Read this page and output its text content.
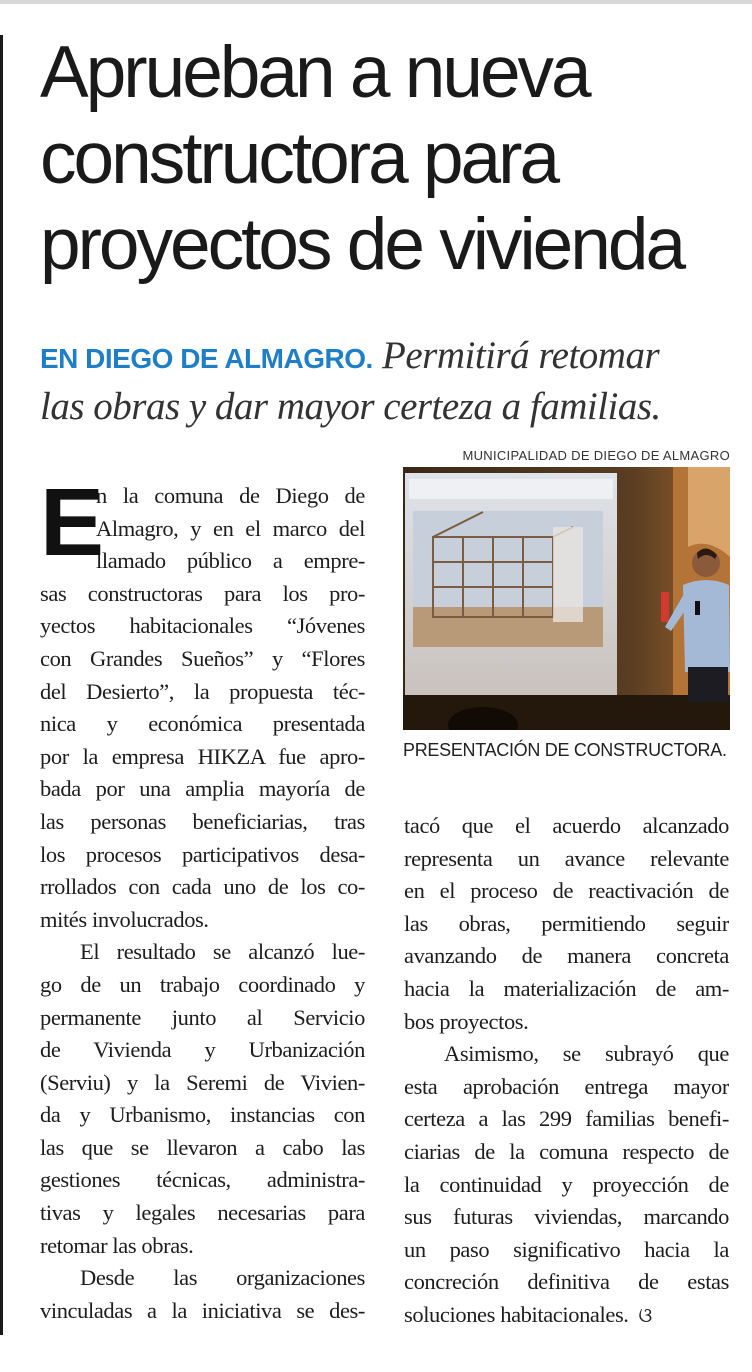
Aprueban a nueva
constructora para
proyectos de vivienda

EN DIEGO DE ALMAGRO. Permitirá retomar
las obras y dar mayor certeza a familias.

MUNICIPALIDAD DE DIEGO DE ALMAGRO
PRESENTACIÓN DE CONSTRUCTORA.
E
n la comuna de Diego de
Almagro, y en el marco del
llamado público a empre-
sas constructoras para los pro-
yectos habitacionales “Jóvenes
con Grandes Sueños” y “Flores
del Desierto”, la propuesta téc-
nica y económica presentada
por la empresa HIKZA fue apro-
bada por una amplia mayoría de
las personas beneficiarias, tras
los procesos participativos desa-
rrollados con cada uno de los co-
mités involucrados.
El resultado se alcanzó lue-
go de un trabajo coordinado y
permanente junto al Servicio
de Vivienda y Urbanización
(Serviu) y la Seremi de Vivien-
da y Urbanismo, instancias con
las que se llevaron a cabo las
gestiones técnicas, administra-
tivas y legales necesarias para
retomar las obras.
Desde las organizaciones
vinculadas a la iniciativa se des-
tacó que el acuerdo alcanzado
representa un avance relevante
en el proceso de reactivación de
las obras, permitiendo seguir
avanzando de manera concreta
hacia la materialización de am-
bos proyectos.
Asimismo, se subrayó que
esta aprobación entrega mayor
certeza a las 299 familias benefi-
ciarias de la comuna respecto de
la continuidad y proyección de
sus futuras viviendas, marcando
un paso significativo hacia la
concreción definitiva de estas
soluciones habitacionales. ଓ
